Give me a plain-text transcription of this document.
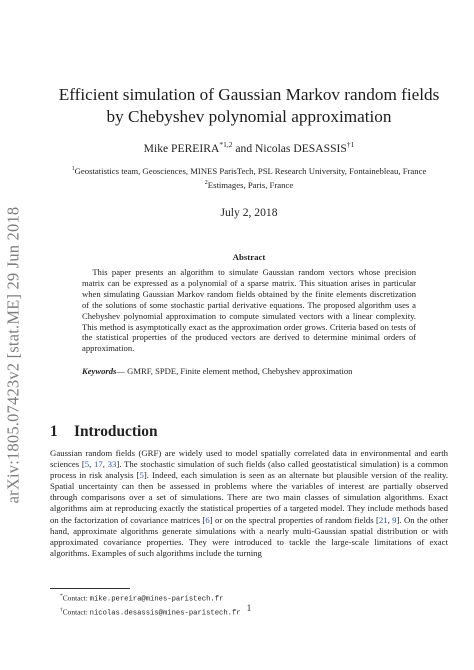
arXiv:1805.07423v2 [stat.ME] 29 Jun 2018
Efficient simulation of Gaussian Markov random fields by Chebyshev polynomial approximation
Mike PEREIRA$^{*1,2}$ and Nicolas DESASSIS$^{\dagger 1}$
$^1$Geostatistics team, Geosciences, MINES ParisTech, PSL Research University, Fontainebleau, France
$^2$Estimages, Paris, France
July 2, 2018
Abstract
This paper presents an algorithm to simulate Gaussian random vectors whose precision matrix can be expressed as a polynomial of a sparse matrix. This situation arises in particular when simulating Gaussian Markov random fields obtained by the finite elements discretization of the solutions of some stochastic partial derivative equations. The proposed algorithm uses a Chebyshev polynomial approximation to compute simulated vectors with a linear complexity. This method is asymptotically exact as the approximation order grows. Criteria based on tests of the statistical properties of the produced vectors are derived to determine minimal orders of approximation.
Keywords— GMRF, SPDE, Finite element method, Chebyshev approximation
1 Introduction
Gaussian random fields (GRF) are widely used to model spatially correlated data in environmental and earth sciences [5, 17, 33]. The stochastic simulation of such fields (also called geostatistical simulation) is a common process in risk analysis [5]. Indeed, each simulation is seen as an alternate but plausible version of the reality. Spatial uncertainty can then be assessed in problems where the variables of interest are partially observed through comparisons over a set of simulations. There are two main classes of simulation algorithms. Exact algorithms aim at reproducing exactly the statistical properties of a targeted model. They include methods based on the factorization of covariance matrices [6] or on the spectral properties of random fields [21, 9]. On the other hand, approximate algorithms generate simulations with a nearly multi-Gaussian spatial distribution or with approximated covariance properties. They were introduced to tackle the large-scale limitations of exact algorithms. Examples of such algorithms include the turning
*Contact: mike.pereira@mines-paristech.fr
†Contact: nicolas.desassis@mines-paristech.fr
1
